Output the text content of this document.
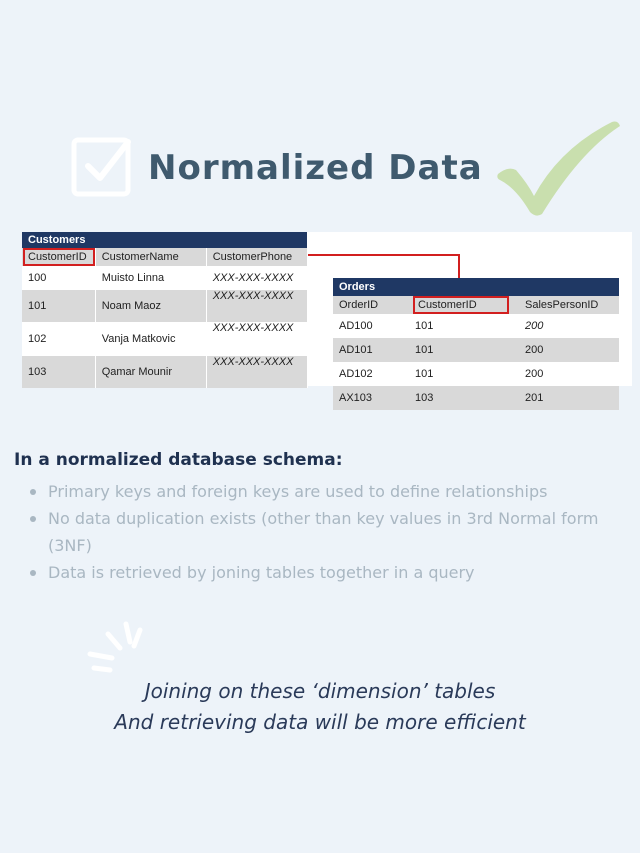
Normalized Data
Customers		
CustomerID	CustomerName	CustomerPhone
100	Muisto Linna	XXX-XXX-XXXX
101	Noam Maoz	XXX-XXX-XXXX
102	Vanja Matkovic	XXX-XXX-XXXX
103	Qamar Mounir	XXX-XXX-XXXX
Orders		
OrderID	CustomerID	SalesPersonID
AD100	101	200
AD101	101	200
AD102	101	200
AX103	103	201
In a normalized database schema:
Primary keys and foreign keys are used to define relationships
No data duplication exists (other than key values in 3rd Normal form (3NF)
Data is retrieved by joning tables together in a query
Joining on these ‘dimension’ tables
And retrieving data will be more efficient
